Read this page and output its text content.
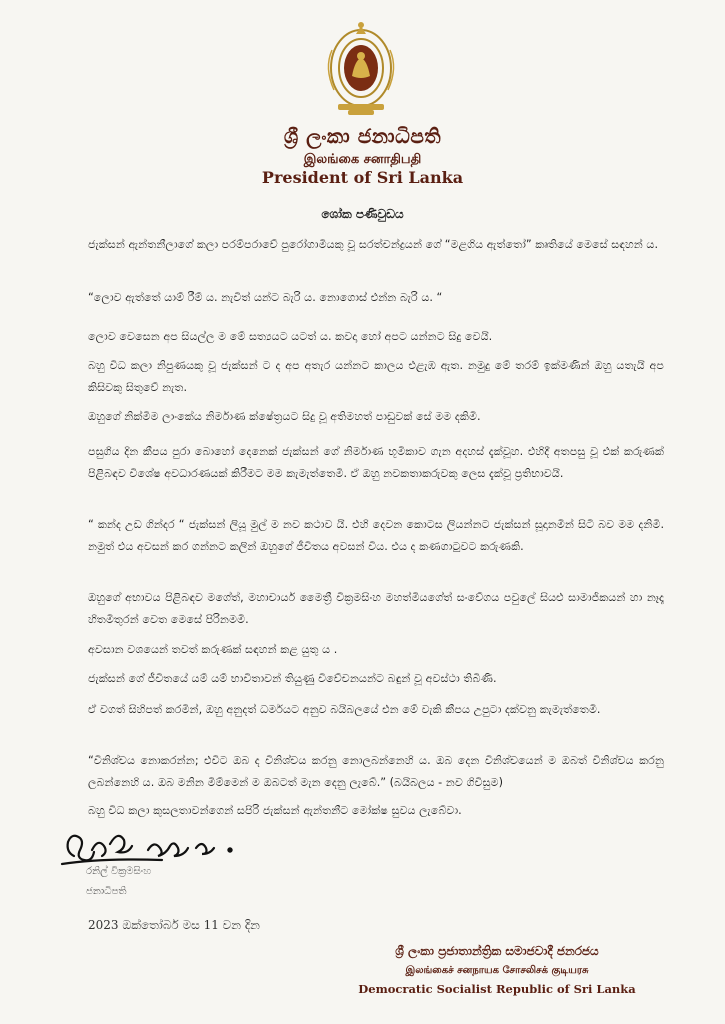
ශ්‍රී ලංකා ජනාධිපති
இலங்கை சனாதிபதி
President of Sri Lanka
ශෝක පණිවුඩය
ජැක්සන් ඇන්තනීලාගේ කලා පරම්පරාවේ පුරෝගාමියකු වූ සරත්චන්ද්‍රයන් ගේ “මළගිය ඇත්තෝ” කෘතියේ මෙසේ සඳහන් ය.
“ලොව ඇත්තේ යාම් රීම් ය. නැවිත් යන්ට බැරි ය. නොගොස් එන්න බැරි ය. “
ලොව වෙසෙන අප සියල්ල ම මේ සත්‍යයට යටත් ය. කවදා හෝ අපට යන්නට සිදු වෙයි.
බහු විධ කලා නිපුණයකු වූ ජැක්සන් ට ද අප අතැර යන්නට කාලය එළැඹ ඇත. නමුදු මේ තරම් ඉක්මණින් ඔහු යතැයි අප කිසිවකු සිතුවේ නැත.
ඔහුගේ නික්මීම ලාංකේය නිර්මාණ ක්ෂේත්‍රයට සිදු වූ අතිමහත් පාඩුවක් සේ මම දකිමි.
පසුගිය දින කීපය පුරා බොහෝ දෙනෙක් ජැක්සන් ගේ නිර්මාණ භූමිකාව ගැන අදහස් දැක්වූහ. එහිදී අතපසු වූ එක් කරුණක් පිළිබඳව විශේෂ අවධාරණයක් කිරීමට මම කැමැත්තෙමි. ඒ ඔහු නවකතාකරුවකු ලෙස දැක්වූ ප්‍රතිභාවයි.
“ කන්ද උඩ ගින්දර “ ජැක්සන් ලියූ මුල් ම නව කථාව යි. එහි දෙවන කොටස ලියන්නට ජැක්සන් සූදානමින් සිටි බව මම දනිමි. නමුත් එය අවසන් කර ගන්නට කලින් ඔහුගේ ජීවිතය අවසන් විය. එය ද කණගාටුවට කරුණකි.
ඔහුගේ අභාවය පිළිබඳව මගේත්, මහාචාර්ය මෛත්‍රී වික්‍රමසිංහ මහත්මියගේත් සංවේගය පවුලේ සියළු සාමාජිකයන් හා නෑදෑ හිතමිතුරන් වෙත මෙසේ පිරිනමමි.
අවසාන වශයෙන් තවත් කරුණක් සඳහන් කළ යුතු ය .
ජැක්සන් ගේ ජීවිතයේ යම් යම් භාවිතාවන් තියුණු විවේචනයන්ට බඳුන් වූ අවස්ථා තිබිණි.
ඒ වගත් සිහිපත් කරමින්, ඔහු අනුදත් ධර්මයට අනුව බයිබලයේ එන මේ වැකි කීපය උපුටා දක්වනු කැමැත්තෙමි.
“විනිශ්චය නොකරන්න; එවිට ඔබ ද විනිශ්චය කරනු නොලබන්නෙහි ය. ඔබ දෙන විනිශ්චයෙන් ම ඔබත් විනිශ්චය කරනු ලබන්නෙහි ය. ඔබ මනින මිම්මෙන් ම ඔබටත් මැන දෙනු ලැබේ.” (බයිබලය - නව ගිවිසුම)
බහු විධ කලා කුසලතාවන්ගෙන් සපිරි ජැක්සන් ඇන්තනීට මෝක්ෂ සුවය ලැබේවා.
රනිල් වික්‍රමසිංහ
ජනාධිපති
2023 ඔක්තෝබර් මස 11 වන දින
ශ්‍රී ලංකා ප්‍රජාතාන්ත්‍රික සමාජවාදී ජනරජය
இலங்கைச் சனநாயக சோசலிசக் குடியரசு
Democratic Socialist Republic of Sri Lanka
